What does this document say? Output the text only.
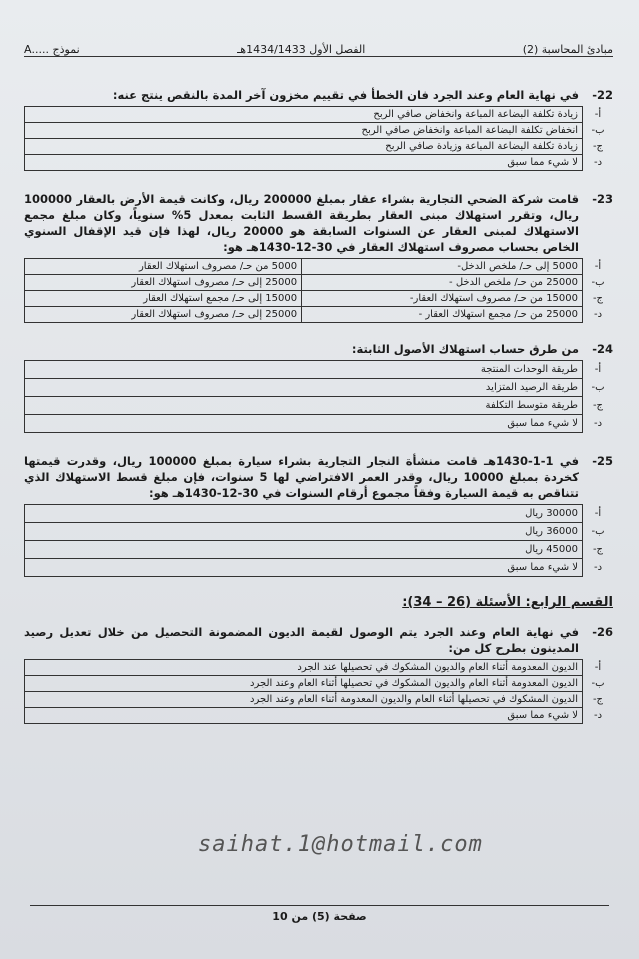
مبادئ المحاسبة (2)
الفصل الأول 1434/1433هـ
نموذج .....A
22-
في نهاية العام وعند الجرد فان الخطأ في تقييم مخزون آخر المدة بالنقص ينتج عنه:
أ-	زيادة تكلفة البضاعة المباعة وانخفاض صافي الربح
ب-	انخفاض تكلفة البضاعة المباعة وانخفاض صافي الربح
ج-	زيادة تكلفة البضاعة المباعة وزيادة صافي الربح
د-	لا شيء مما سبق
23-
قامت شركة الضحي التجارية بشراء عقار بمبلغ 200000 ريال، وكانت قيمة الأرض بالعقار 100000 ريال، وتقرر استهلاك مبنى العقار بطريقة القسط الثابت بمعدل 5% سنوياً، وكان مبلغ مجمع الاستهلاك لمبنى العقار عن السنوات السابقة هو 20000 ريال، لهذا فإن قيد الإقفال السنوي الخاص بحساب مصروف استهلاك العقار في 30-12-1430هـ هو:
أ-	5000 إلى حـ/ ملخص الدخل-	5000 من حـ/ مصروف استهلاك العقار
ب-	25000 من حـ/ ملخص الدخل -	25000 إلى حـ/ مصروف استهلاك العقار
ج-	15000 من حـ/ مصروف استهلاك العقار-	15000 إلى حـ/ مجمع استهلاك العقار
د-	25000 من حـ/ مجمع استهلاك العقار -	25000 إلى حـ/ مصروف استهلاك العقار
24-
من طرق حساب استهلاك الأصول الثابتة:
أ-	طريقة الوحدات المنتجة
ب-	طريقة الرصيد المتزايد
ج-	طريقة متوسط التكلفة
د-	لا شيء مما سبق
25-
في 1-1-1430هـ قامت منشأة النجار التجارية بشراء سيارة بمبلغ 100000 ريال، وقدرت قيمتها كخردة بمبلغ 10000 ريال، وقدر العمر الافتراضي لها 5 سنوات، فإن مبلغ قسط الاستهلاك الذي تتناقص به قيمة السيارة وفقاً مجموع أرقام السنوات في 30-12-1430هـ هو:
أ-	30000 ريال
ب-	36000 ريال
ج-	45000 ريال
د-	لا شيء مما سبق
القسم الرابع: الأسئلة (26 – 34):
26-
في نهاية العام وعند الجرد يتم الوصول لقيمة الديون المضمونة التحصيل من خلال تعديل رصيد المدينون بطرح كل من:
أ-	الديون المعدومة أثناء العام والديون المشكوك في تحصيلها عند الجرد
ب-	الديون المعدومة أثناء العام والديون المشكوك في تحصيلها أثناء العام وعند الجرد
ج-	الديون المشكوك في تحصيلها أثناء العام والديون المعدومة أثناء العام وعند الجرد
د-	لا شيء مما سبق
saihat.1@hotmail.com
صفحة (5) من 10
